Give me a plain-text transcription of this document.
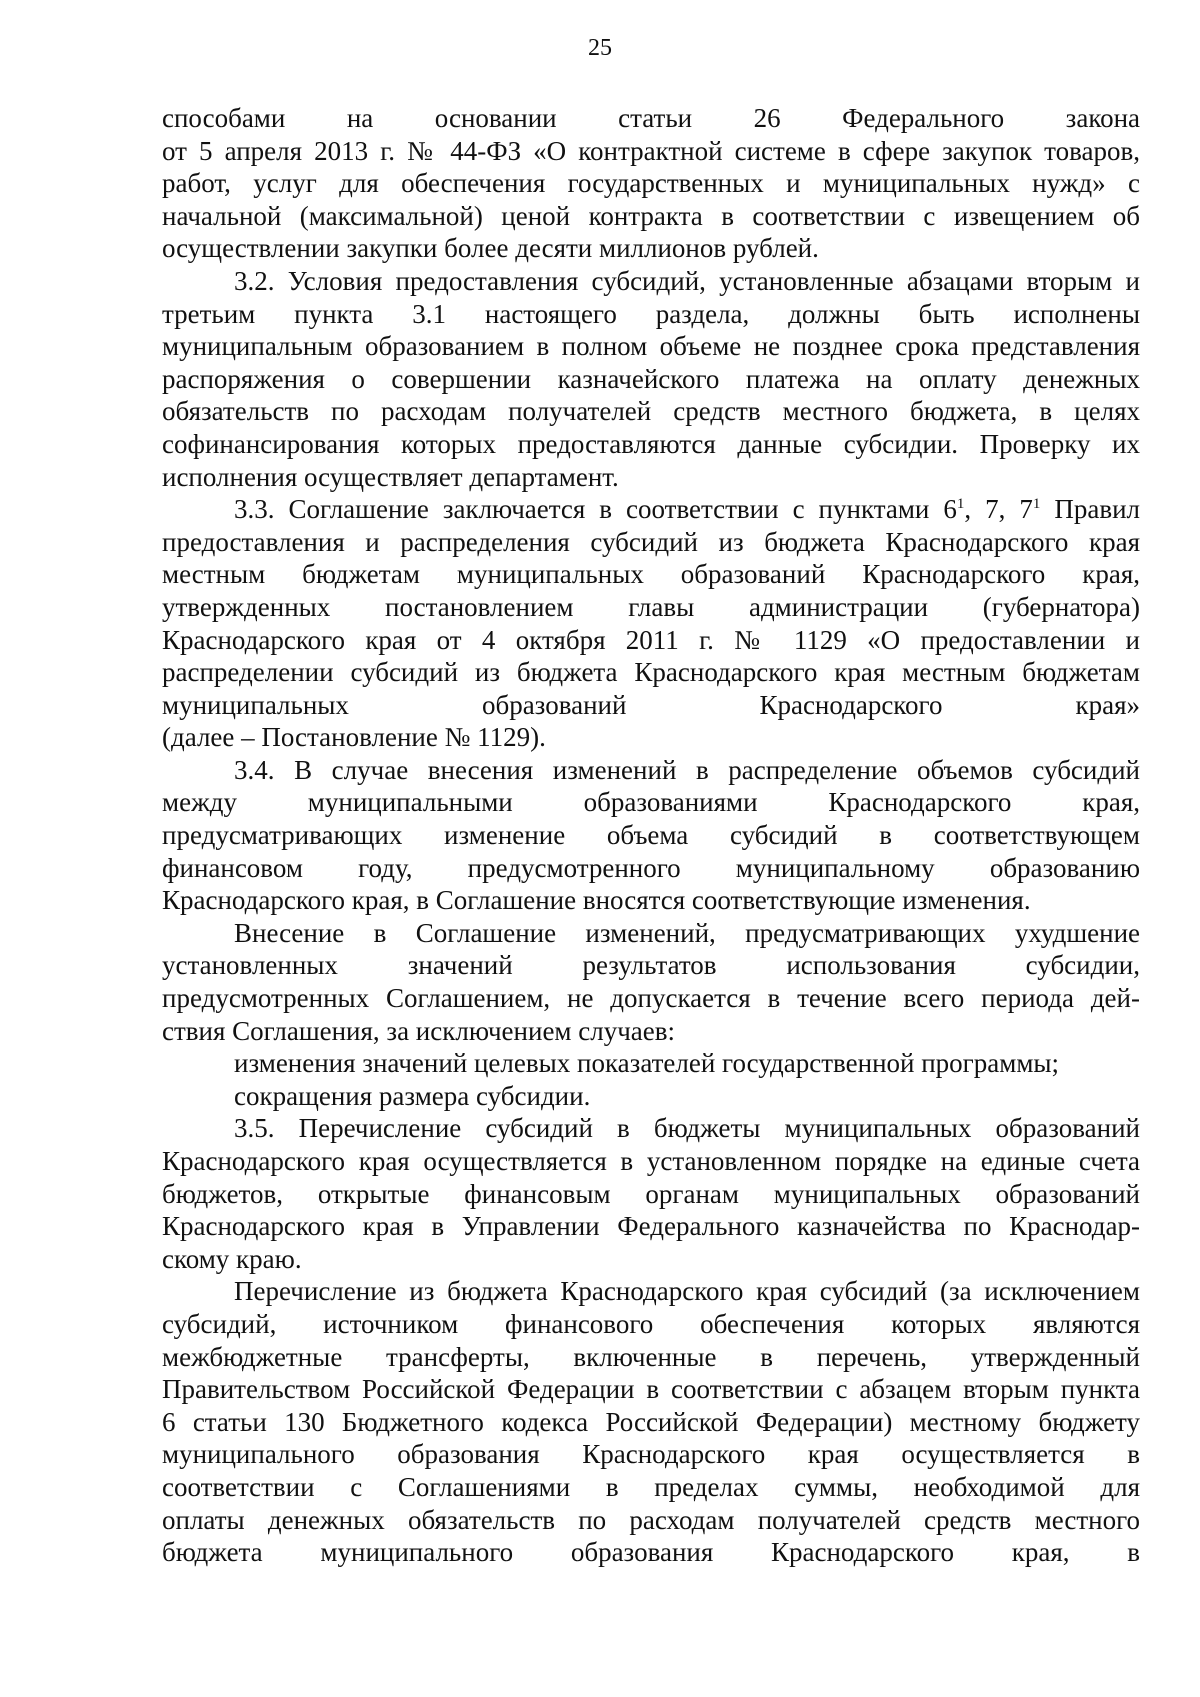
25

способами на основании статьи 26 Федерального закона

от 5 апреля 2013 г. № 44-ФЗ «О контрактной системе в сфере закупок товаров,

работ, услуг для обеспечения государственных и муниципальных нужд» с

начальной (максимальной) ценой контракта в соответствии с извещением об

осуществлении закупки более десяти миллионов рублей.

3.2. Условия предоставления субсидий, установленные абзацами вторым и

третьим пункта 3.1 настоящего раздела, должны быть исполнены

муниципальным образованием в полном объеме не позднее срока представления

распоряжения о совершении казначейского платежа на оплату денежных

обязательств по расходам получателей средств местного бюджета, в целях

софинансирования которых предоставляются данные субсидии. Проверку их

исполнения осуществляет департамент.

3.3. Соглашение заключается в соответствии с пунктами $6^1$, 7, $7^1$ Правил

предоставления и распределения субсидий из бюджета Краснодарского края

местным бюджетам муниципальных образований Краснодарского края,

утвержденных постановлением главы администрации (губернатора)

Краснодарского края от 4 октября 2011 г. № 1129 «О предоставлении и

распределении субсидий из бюджета Краснодарского края местным бюджетам

муниципальных образований Краснодарского края»

(далее – Постановление № 1129).

3.4. В случае внесения изменений в распределение объемов субсидий

между муниципальными образованиями Краснодарского края,

предусматривающих изменение объема субсидий в соответствующем

финансовом году, предусмотренного муниципальному образованию

Краснодарского края, в Соглашение вносятся соответствующие изменения.

Внесение в Соглашение изменений, предусматривающих ухудшение

установленных значений результатов использования субсидии,

предусмотренных Соглашением, не допускается в течение всего периода дей-

ствия Соглашения, за исключением случаев:

изменения значений целевых показателей государственной программы;

сокращения размера субсидии.

3.5. Перечисление субсидий в бюджеты муниципальных образований

Краснодарского края осуществляется в установленном порядке на единые счета

бюджетов, открытые финансовым органам муниципальных образований

Краснодарского края в Управлении Федерального казначейства по Краснодар-

скому краю.

Перечисление из бюджета Краснодарского края субсидий (за исключением

субсидий, источником финансового обеспечения которых являются

межбюджетные трансферты, включенные в перечень, утвержденный

Правительством Российской Федерации в соответствии с абзацем вторым пункта

6 статьи 130 Бюджетного кодекса Российской Федерации) местному бюджету

муниципального образования Краснодарского края осуществляется в

соответствии с Соглашениями в пределах суммы, необходимой для

оплаты денежных обязательств по расходам получателей средств местного

бюджета муниципального образования Краснодарского края, в
